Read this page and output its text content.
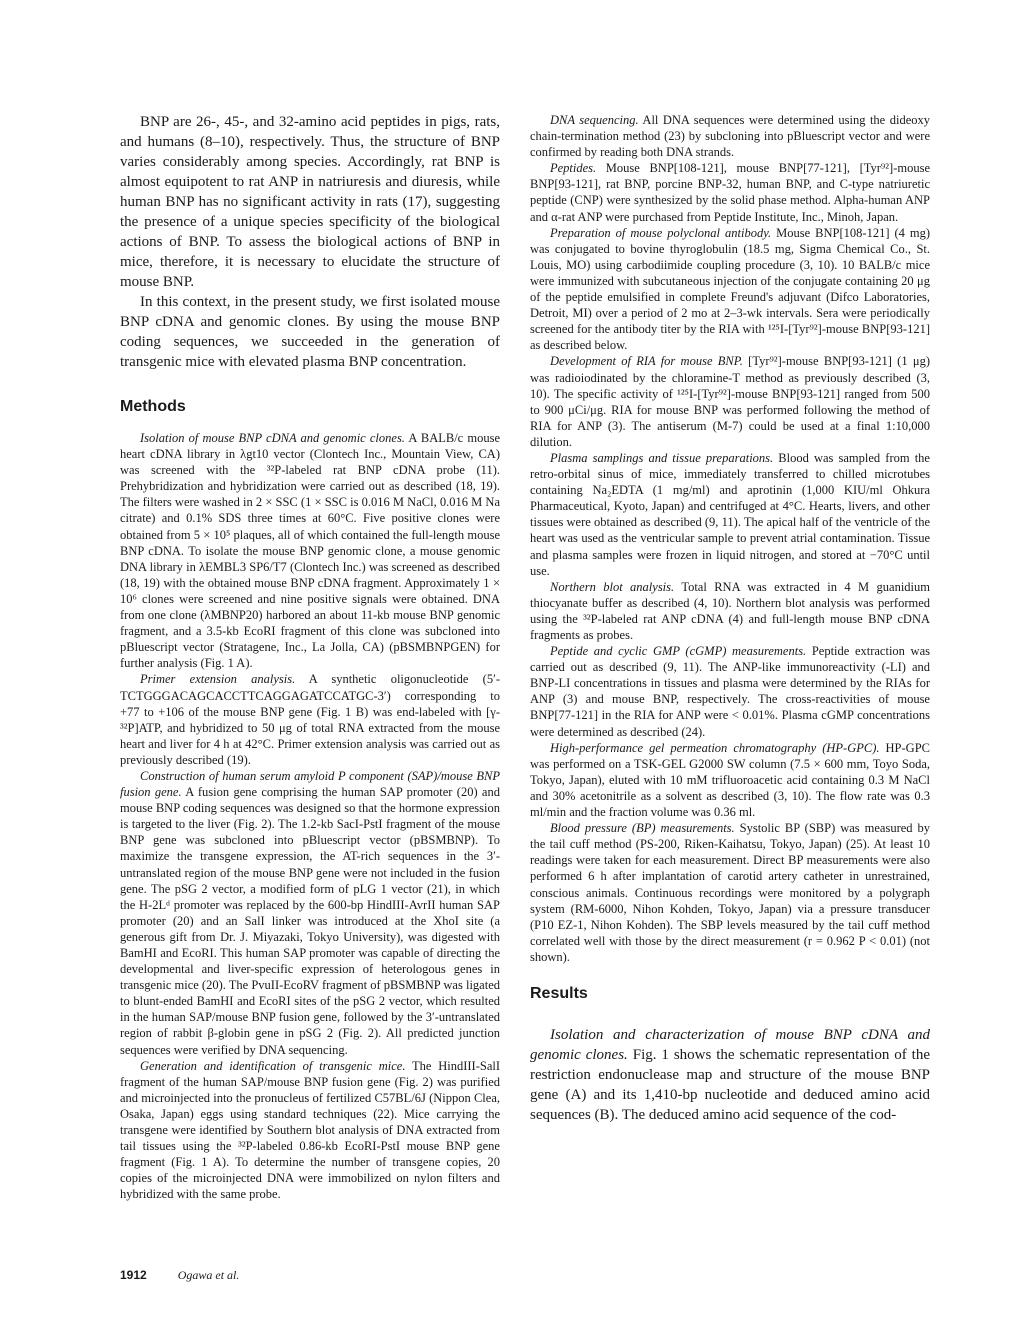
BNP are 26-, 45-, and 32-amino acid peptides in pigs, rats, and humans (8–10), respectively. Thus, the structure of BNP varies considerably among species. Accordingly, rat BNP is almost equipotent to rat ANP in natriuresis and diuresis, while human BNP has no significant activity in rats (17), suggesting the presence of a unique species specificity of the biological actions of BNP. To assess the biological actions of BNP in mice, therefore, it is necessary to elucidate the structure of mouse BNP.

In this context, in the present study, we first isolated mouse BNP cDNA and genomic clones. By using the mouse BNP coding sequences, we succeeded in the generation of transgenic mice with elevated plasma BNP concentration.

Methods

Isolation of mouse BNP cDNA and genomic clones. A BALB/c mouse heart cDNA library in λgt10 vector (Clontech Inc., Mountain View, CA) was screened with the ³²P-labeled rat BNP cDNA probe (11). Prehybridization and hybridization were carried out as described (18, 19). The filters were washed in 2 × SSC (1 × SSC is 0.016 M NaCl, 0.016 M Na citrate) and 0.1% SDS three times at 60°C. Five positive clones were obtained from 5 × 10⁵ plaques, all of which contained the full-length mouse BNP cDNA. To isolate the mouse BNP genomic clone, a mouse genomic DNA library in λEMBL3 SP6/T7 (Clontech Inc.) was screened as described (18, 19) with the obtained mouse BNP cDNA fragment. Approximately 1 × 10⁶ clones were screened and nine positive signals were obtained. DNA from one clone (λMBNP20) harbored an about 11-kb mouse BNP genomic fragment, and a 3.5-kb EcoRI fragment of this clone was subcloned into pBluescript vector (Stratagene, Inc., La Jolla, CA) (pBSMBNPGEN) for further analysis (Fig. 1 A).

Primer extension analysis. A synthetic oligonucleotide (5′-TCTGGGACAGCACCTTCAGGAGATCCATGC-3′) corresponding to +77 to +106 of the mouse BNP gene (Fig. 1 B) was end-labeled with [γ-³²P]ATP, and hybridized to 50 μg of total RNA extracted from the mouse heart and liver for 4 h at 42°C. Primer extension analysis was carried out as previously described (19).

Construction of human serum amyloid P component (SAP)/mouse BNP fusion gene. A fusion gene comprising the human SAP promoter (20) and mouse BNP coding sequences was designed so that the hormone expression is targeted to the liver (Fig. 2). The 1.2-kb SacI-PstI fragment of the mouse BNP gene was subcloned into pBluescript vector (pBSMBNP). To maximize the transgene expression, the AT-rich sequences in the 3′-untranslated region of the mouse BNP gene were not included in the fusion gene. The pSG 2 vector, a modified form of pLG 1 vector (21), in which the H-2Lᵈ promoter was replaced by the 600-bp HindIII-AvrII human SAP promoter (20) and an SalI linker was introduced at the XhoI site (a generous gift from Dr. J. Miyazaki, Tokyo University), was digested with BamHI and EcoRI. This human SAP promoter was capable of directing the developmental and liver-specific expression of heterologous genes in transgenic mice (20). The PvuII-EcoRV fragment of pBSMBNP was ligated to blunt-ended BamHI and EcoRI sites of the pSG 2 vector, which resulted in the human SAP/mouse BNP fusion gene, followed by the 3′-untranslated region of rabbit β-globin gene in pSG 2 (Fig. 2). All predicted junction sequences were verified by DNA sequencing.

Generation and identification of transgenic mice. The HindIII-SalI fragment of the human SAP/mouse BNP fusion gene (Fig. 2) was purified and microinjected into the pronucleus of fertilized C57BL/6J (Nippon Clea, Osaka, Japan) eggs using standard techniques (22). Mice carrying the transgene were identified by Southern blot analysis of DNA extracted from tail tissues using the ³²P-labeled 0.86-kb EcoRI-PstI mouse BNP gene fragment (Fig. 1 A). To determine the number of transgene copies, 20 copies of the microinjected DNA were immobilized on nylon filters and hybridized with the same probe.

DNA sequencing. All DNA sequences were determined using the dideoxy chain-termination method (23) by subcloning into pBluescript vector and were confirmed by reading both DNA strands.

Peptides. Mouse BNP[108-121], mouse BNP[77-121], [Tyr⁹²]-mouse BNP[93-121], rat BNP, porcine BNP-32, human BNP, and C-type natriuretic peptide (CNP) were synthesized by the solid phase method. Alpha-human ANP and α-rat ANP were purchased from Peptide Institute, Inc., Minoh, Japan.

Preparation of mouse polyclonal antibody. Mouse BNP[108-121] (4 mg) was conjugated to bovine thyroglobulin (18.5 mg, Sigma Chemical Co., St. Louis, MO) using carbodiimide coupling procedure (3, 10). 10 BALB/c mice were immunized with subcutaneous injection of the conjugate containing 20 μg of the peptide emulsified in complete Freund's adjuvant (Difco Laboratories, Detroit, MI) over a period of 2 mo at 2–3-wk intervals. Sera were periodically screened for the antibody titer by the RIA with ¹²⁵I-[Tyr⁹²]-mouse BNP[93-121] as described below.

Development of RIA for mouse BNP. [Tyr⁹²]-mouse BNP[93-121] (1 μg) was radioiodinated by the chloramine-T method as previously described (3, 10). The specific activity of ¹²⁵I-[Tyr⁹²]-mouse BNP[93-121] ranged from 500 to 900 μCi/μg. RIA for mouse BNP was performed following the method of RIA for ANP (3). The antiserum (M-7) could be used at a final 1:10,000 dilution.

Plasma samplings and tissue preparations. Blood was sampled from the retro-orbital sinus of mice, immediately transferred to chilled microtubes containing Na₂EDTA (1 mg/ml) and aprotinin (1,000 KIU/ml Ohkura Pharmaceutical, Kyoto, Japan) and centrifuged at 4°C. Hearts, livers, and other tissues were obtained as described (9, 11). The apical half of the ventricle of the heart was used as the ventricular sample to prevent atrial contamination. Tissue and plasma samples were frozen in liquid nitrogen, and stored at −70°C until use.

Northern blot analysis. Total RNA was extracted in 4 M guanidium thiocyanate buffer as described (4, 10). Northern blot analysis was performed using the ³²P-labeled rat ANP cDNA (4) and full-length mouse BNP cDNA fragments as probes.

Peptide and cyclic GMP (cGMP) measurements. Peptide extraction was carried out as described (9, 11). The ANP-like immunoreactivity (-LI) and BNP-LI concentrations in tissues and plasma were determined by the RIAs for ANP (3) and mouse BNP, respectively. The cross-reactivities of mouse BNP[77-121] in the RIA for ANP were < 0.01%. Plasma cGMP concentrations were determined as described (24).

High-performance gel permeation chromatography (HP-GPC). HP-GPC was performed on a TSK-GEL G2000 SW column (7.5 × 600 mm, Toyo Soda, Tokyo, Japan), eluted with 10 mM trifluoroacetic acid containing 0.3 M NaCl and 30% acetonitrile as a solvent as described (3, 10). The flow rate was 0.3 ml/min and the fraction volume was 0.36 ml.

Blood pressure (BP) measurements. Systolic BP (SBP) was measured by the tail cuff method (PS-200, Riken-Kaihatsu, Tokyo, Japan) (25). At least 10 readings were taken for each measurement. Direct BP measurements were also performed 6 h after implantation of carotid artery catheter in unrestrained, conscious animals. Continuous recordings were monitored by a polygraph system (RM-6000, Nihon Kohden, Tokyo, Japan) via a pressure transducer (P10 EZ-1, Nihon Kohden). The SBP levels measured by the tail cuff method correlated well with those by the direct measurement (r = 0.962 P < 0.01) (not shown).

Results

Isolation and characterization of mouse BNP cDNA and genomic clones. Fig. 1 shows the schematic representation of the restriction endonuclease map and structure of the mouse BNP gene (A) and its 1,410-bp nucleotide and deduced amino acid sequences (B). The deduced amino acid sequence of the cod-

1912	Ogawa et al.
